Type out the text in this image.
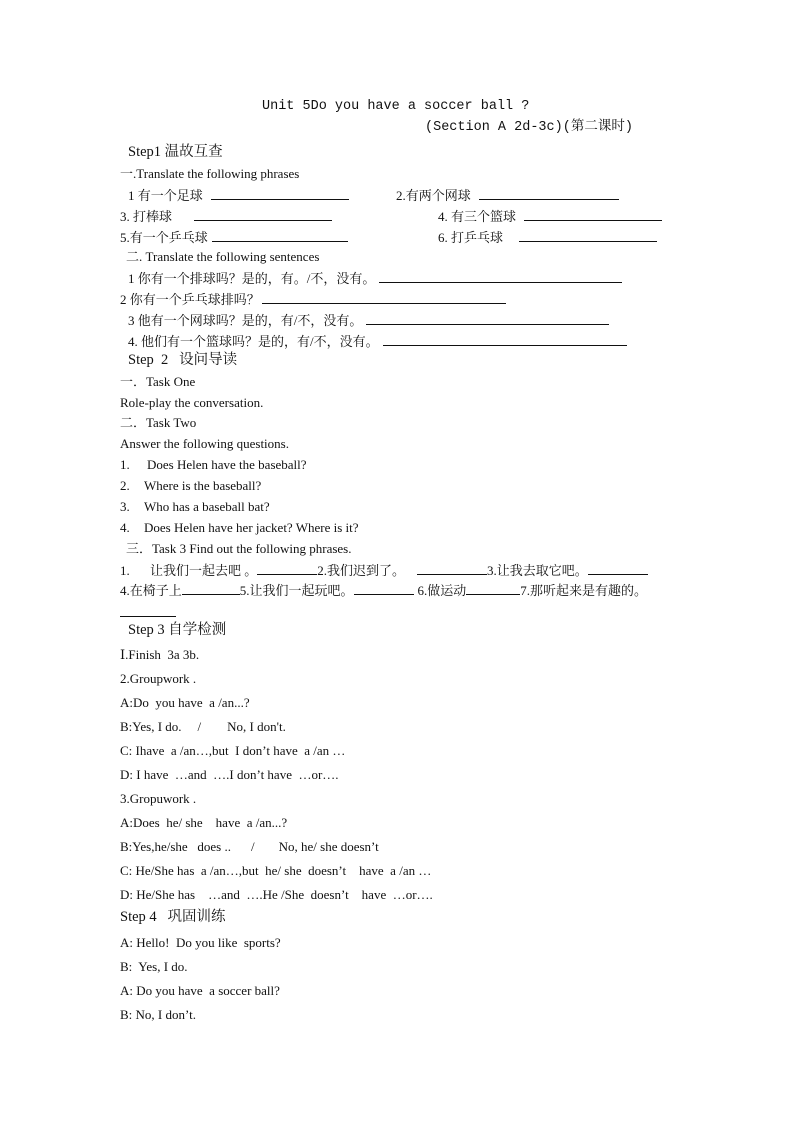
Unit 5Do you have a soccer ball ?
(Section A 2d-3c)(第二课时)
Step1 温故互查
一.Translate the following phrases
1 有一个足球	2.有两个网球
3. 打棒球	4. 有三个篮球
5.有一个乒乓球	6. 打乒乓球
二. Translate the following sentences
1 你有一个排球吗？是的，有。/不，没有。
2 你有一个乒乓球排吗？
3 他有一个网球吗？是的，有/不，没有。
4. 他们有一个篮球吗？是的，有/不，没有。
Step  2   设问导读
一．Task One
Role-play the conversation.
二．Task Two
Answer the following questions.
1. Does Helen have the baseball?
2. Where is the baseball?
3. Who has a baseball bat?
4. Does Helen have her jacket? Where is it?
三．Task 3 Find out the following phrases.
1. 让我们一起去吧 。	2.我们迟到了。	3.让我去取它吧。
4.在椅子上	5.让我们一起玩吧。	6.做运动	7.那听起来是有趣的。
Step 3 自学检测
Ⅰ.Finish  3a 3b.
2.Groupwork .
A:Do  you have  a /an...?
B:Yes, I do. / No, I don't.
C: Ihave  a /an…,but  I don’t have  a /an …
D: I have  …and  ….I don’t have  …or….
3.Gropuwork .
A:Does  he/ she    have  a /an...?
B:Yes,he/she   does .. / No, he/ she doesn’t
C: He/She has  a /an…,but  he/ she  doesn’t    have  a /an …
D: He/She has    …and  ….He /She  doesn’t    have  …or….
Step 4   巩固训练
A: Hello!  Do you like  sports?
B:  Yes, I do.
A: Do you have  a soccer ball?
B: No, I don’t.
